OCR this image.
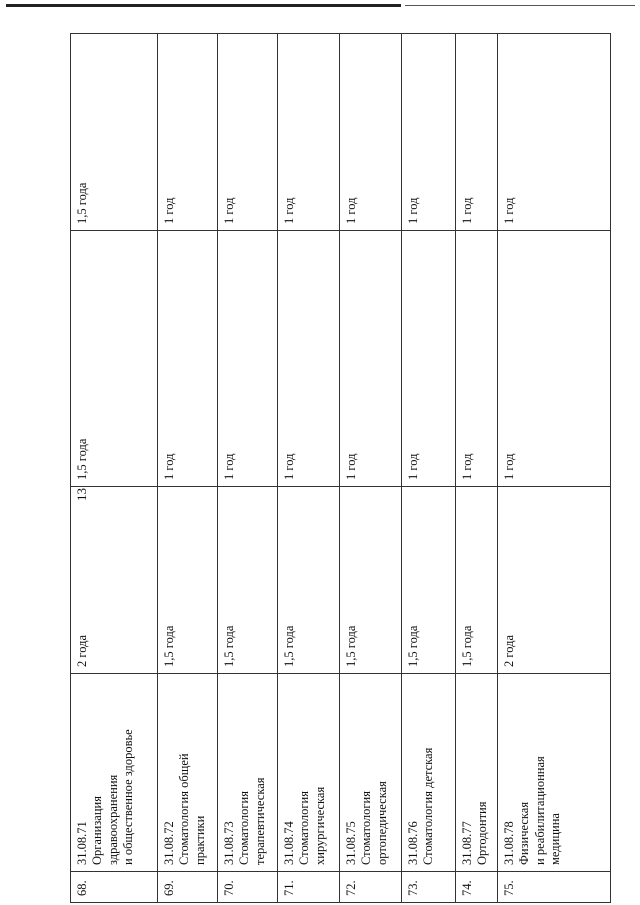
13
68.	31.08.71 Организация здравоохранения и общественное здоровье	2 года	1,5 года	1,5 года
69.	31.08.72 Стоматология общей практики	1,5 года	1 год	1 год
70.	31.08.73 Стоматология терапевтическая	1,5 года	1 год	1 год
71.	31.08.74 Стоматология хирургическая	1,5 года	1 год	1 год
72.	31.08.75 Стоматология ортопедическая	1,5 года	1 год	1 год
73.	31.08.76 Стоматология детская	1,5 года	1 год	1 год
74.	31.08.77 Ортодонтия	1,5 года	1 год	1 год
75.	31.08.78 Физическая и реабилитационная медицина	2 года	1 год	1 год
